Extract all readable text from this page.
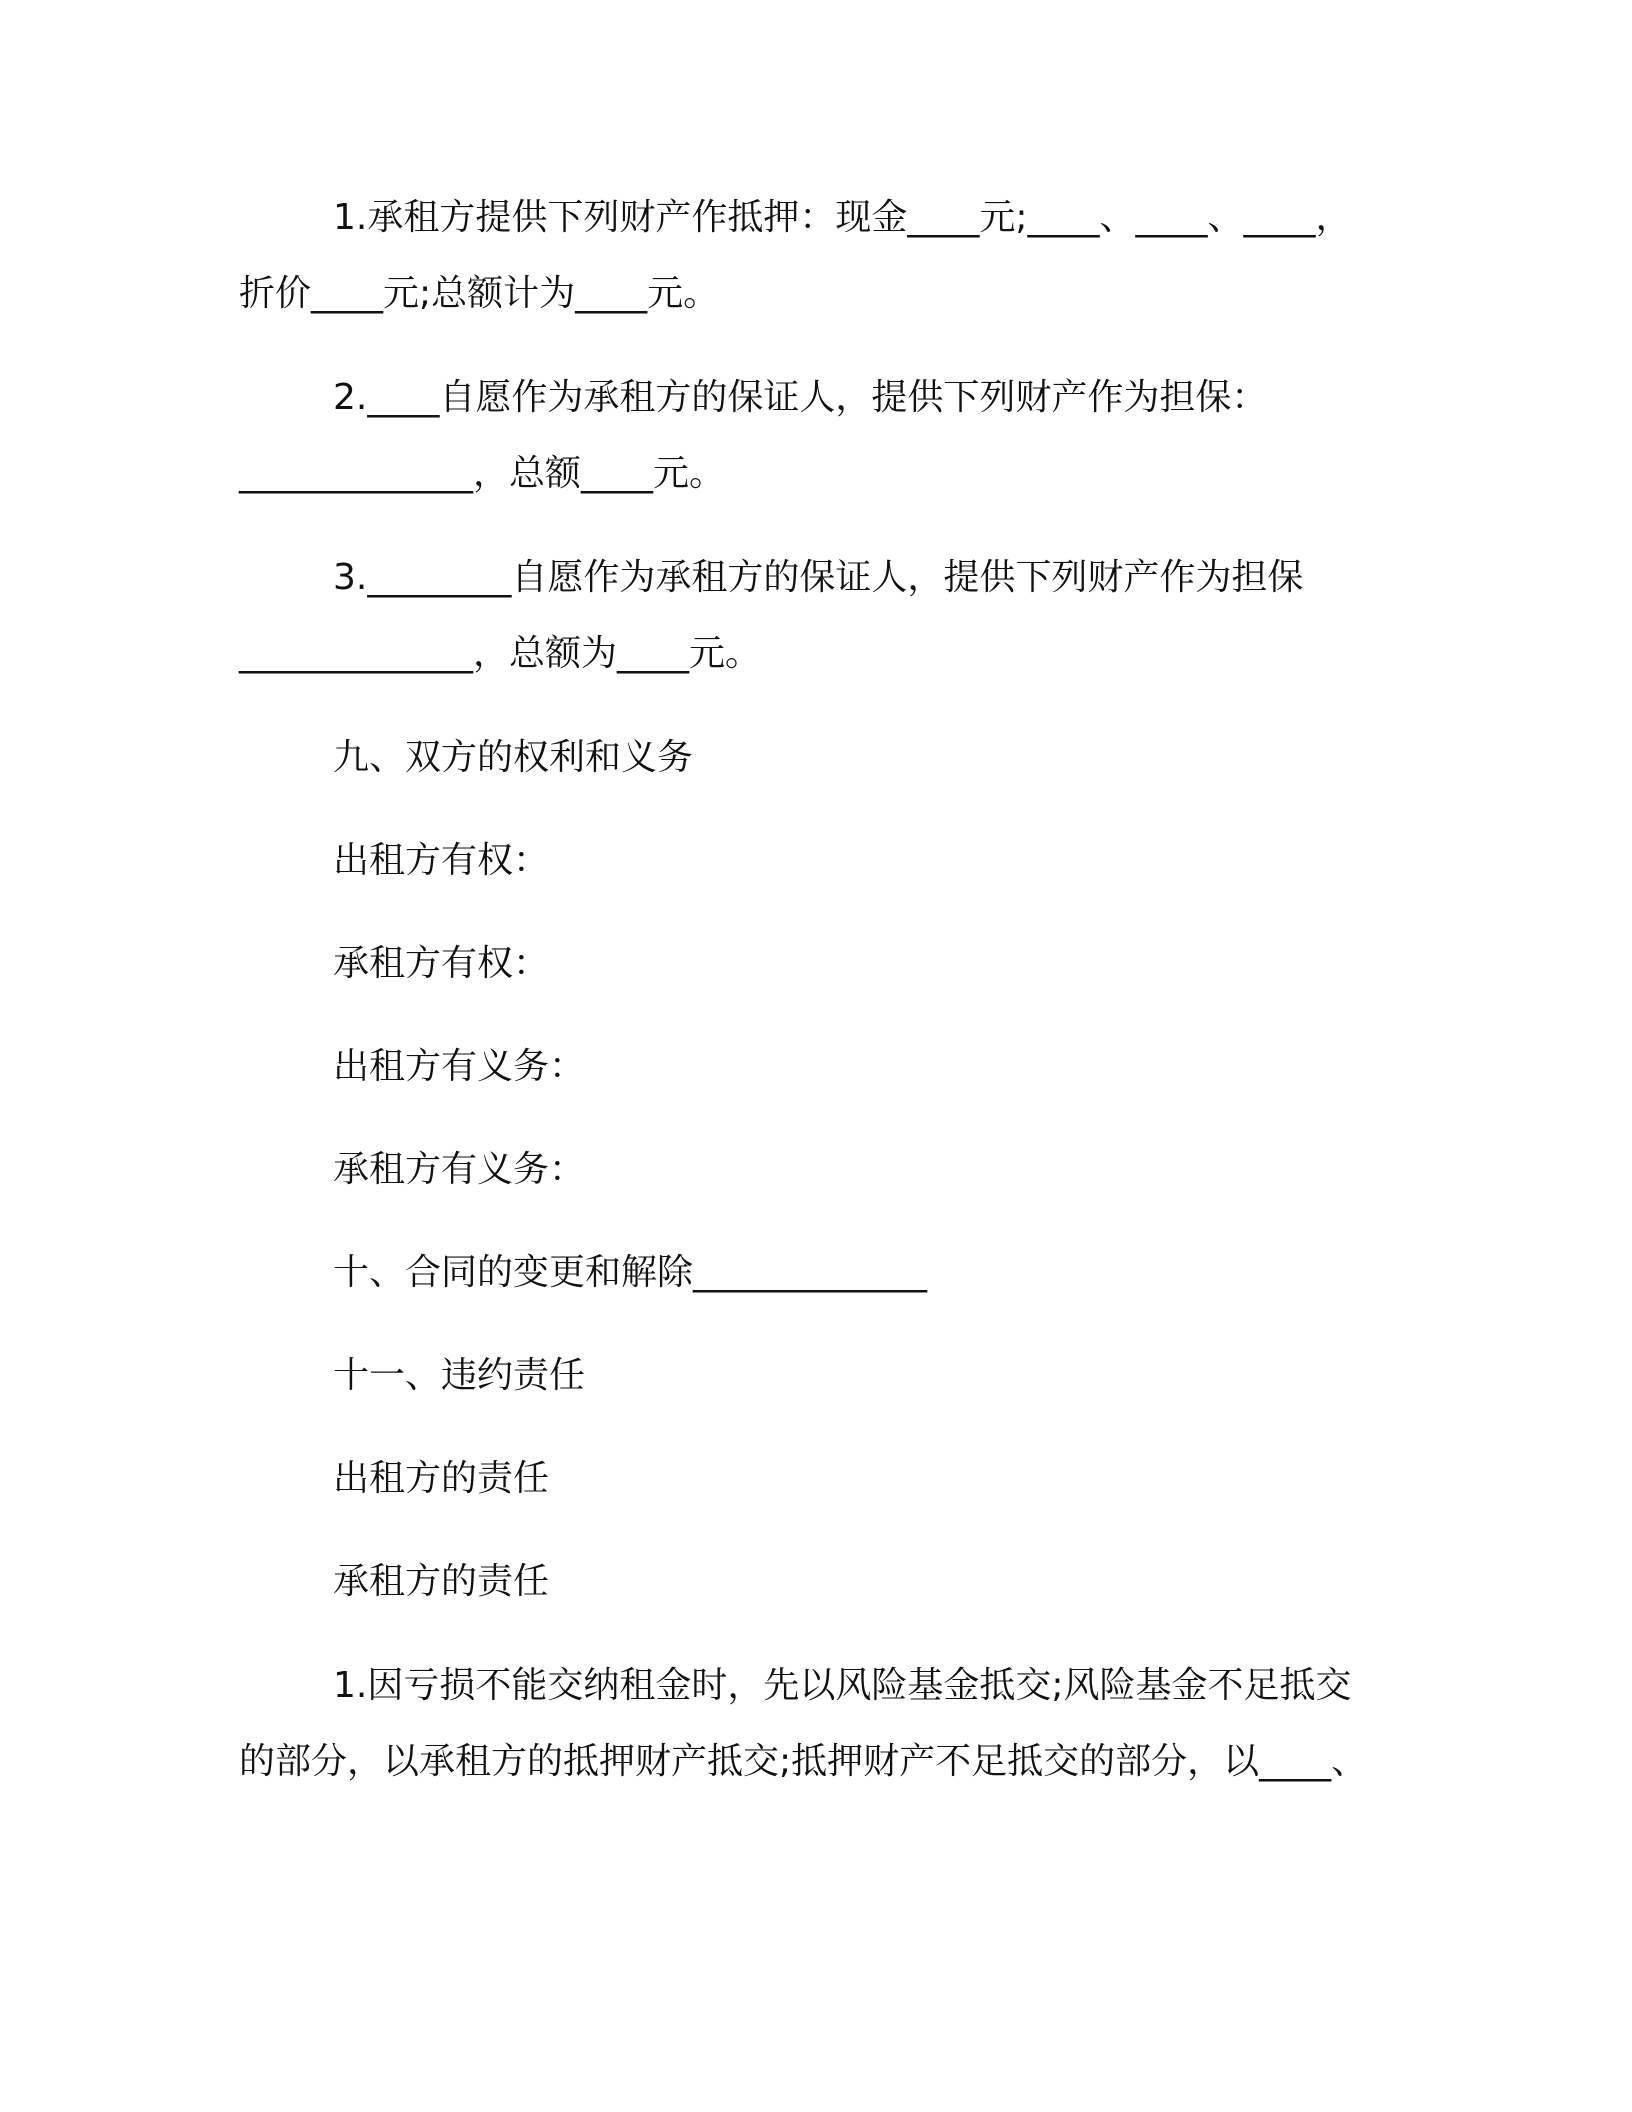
1.承租方提供下列财产作抵押：现金____元;____、____、____，
折价____元;总额计为____元。
2.____自愿作为承租方的保证人，提供下列财产作为担保：
_____________，总额____元。
3.________自愿作为承租方的保证人，提供下列财产作为担保
_____________，总额为____元。
九、双方的权利和义务
出租方有权：
承租方有权：
出租方有义务：
承租方有义务：
十、合同的变更和解除_____________
十一、违约责任
出租方的责任
承租方的责任
1.因亏损不能交纳租金时，先以风险基金抵交;风险基金不足抵交
的部分，以承租方的抵押财产抵交;抵押财产不足抵交的部分，以____、
